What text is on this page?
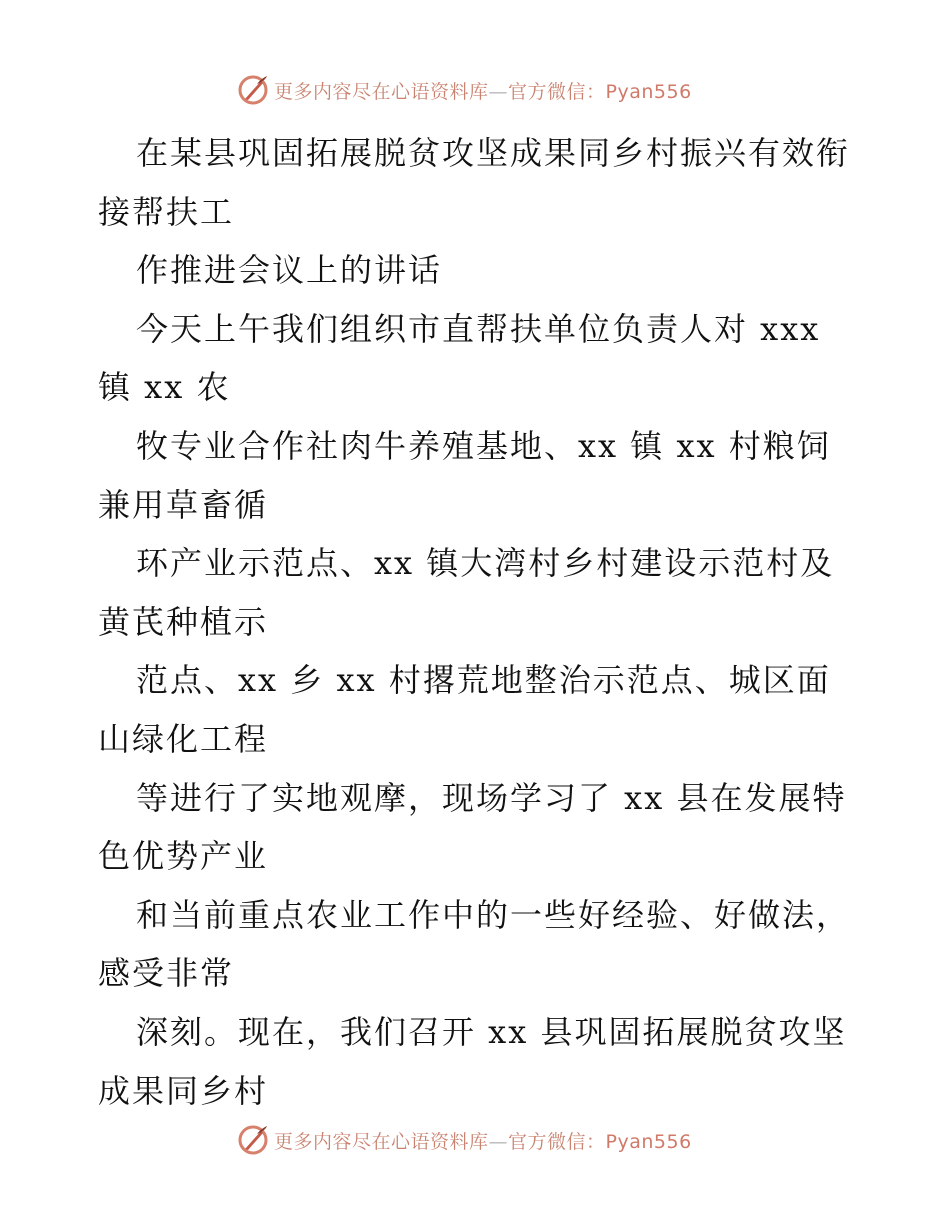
更多内容尽在心语资料库—官方微信：Pyan556
在某县巩固拓展脱贫攻坚成果同乡村振兴有效衔
接帮扶工
作推进会议上的讲话
今天上午我们组织市直帮扶单位负责人对 xxx
镇 xx 农
牧专业合作社肉牛养殖基地、xx 镇 xx 村粮饲
兼用草畜循
环产业示范点、xx 镇大湾村乡村建设示范村及
黄芪种植示
范点、xx 乡 xx 村撂荒地整治示范点、城区面
山绿化工程
等进行了实地观摩，现场学习了 xx 县在发展特
色优势产业
和当前重点农业工作中的一些好经验、好做法，
感受非常
深刻。现在，我们召开 xx 县巩固拓展脱贫攻坚
成果同乡村
更多内容尽在心语资料库—官方微信：Pyan556
